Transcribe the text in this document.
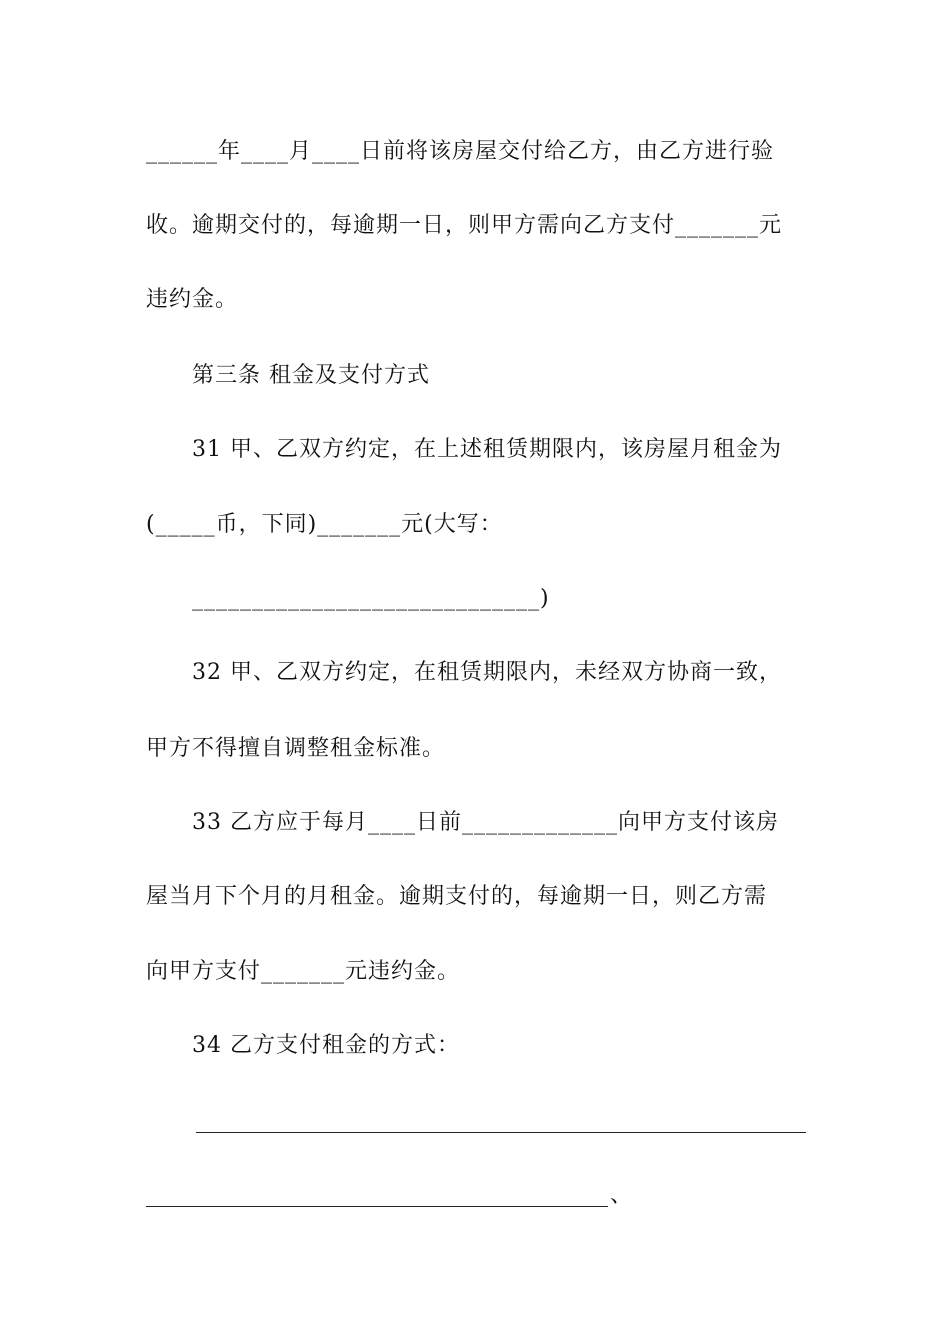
______年____月____日前将该房屋交付给乙方，由乙方进行验
收。逾期交付的，每逾期一日，则甲方需向乙方支付_______元
违约金。
第三条 租金及支付方式
31 甲、乙双方约定，在上述租赁期限内，该房屋月租金为
(_____币，下同)_______元(大写：
_____________________________)
32 甲、乙双方约定，在租赁期限内，未经双方协商一致，
甲方不得擅自调整租金标准。
33 乙方应于每月____日前_____________向甲方支付该房
屋当月下个月的月租金。逾期支付的，每逾期一日，则乙方需
向甲方支付_______元违约金。
34 乙方支付租金的方式：
、
